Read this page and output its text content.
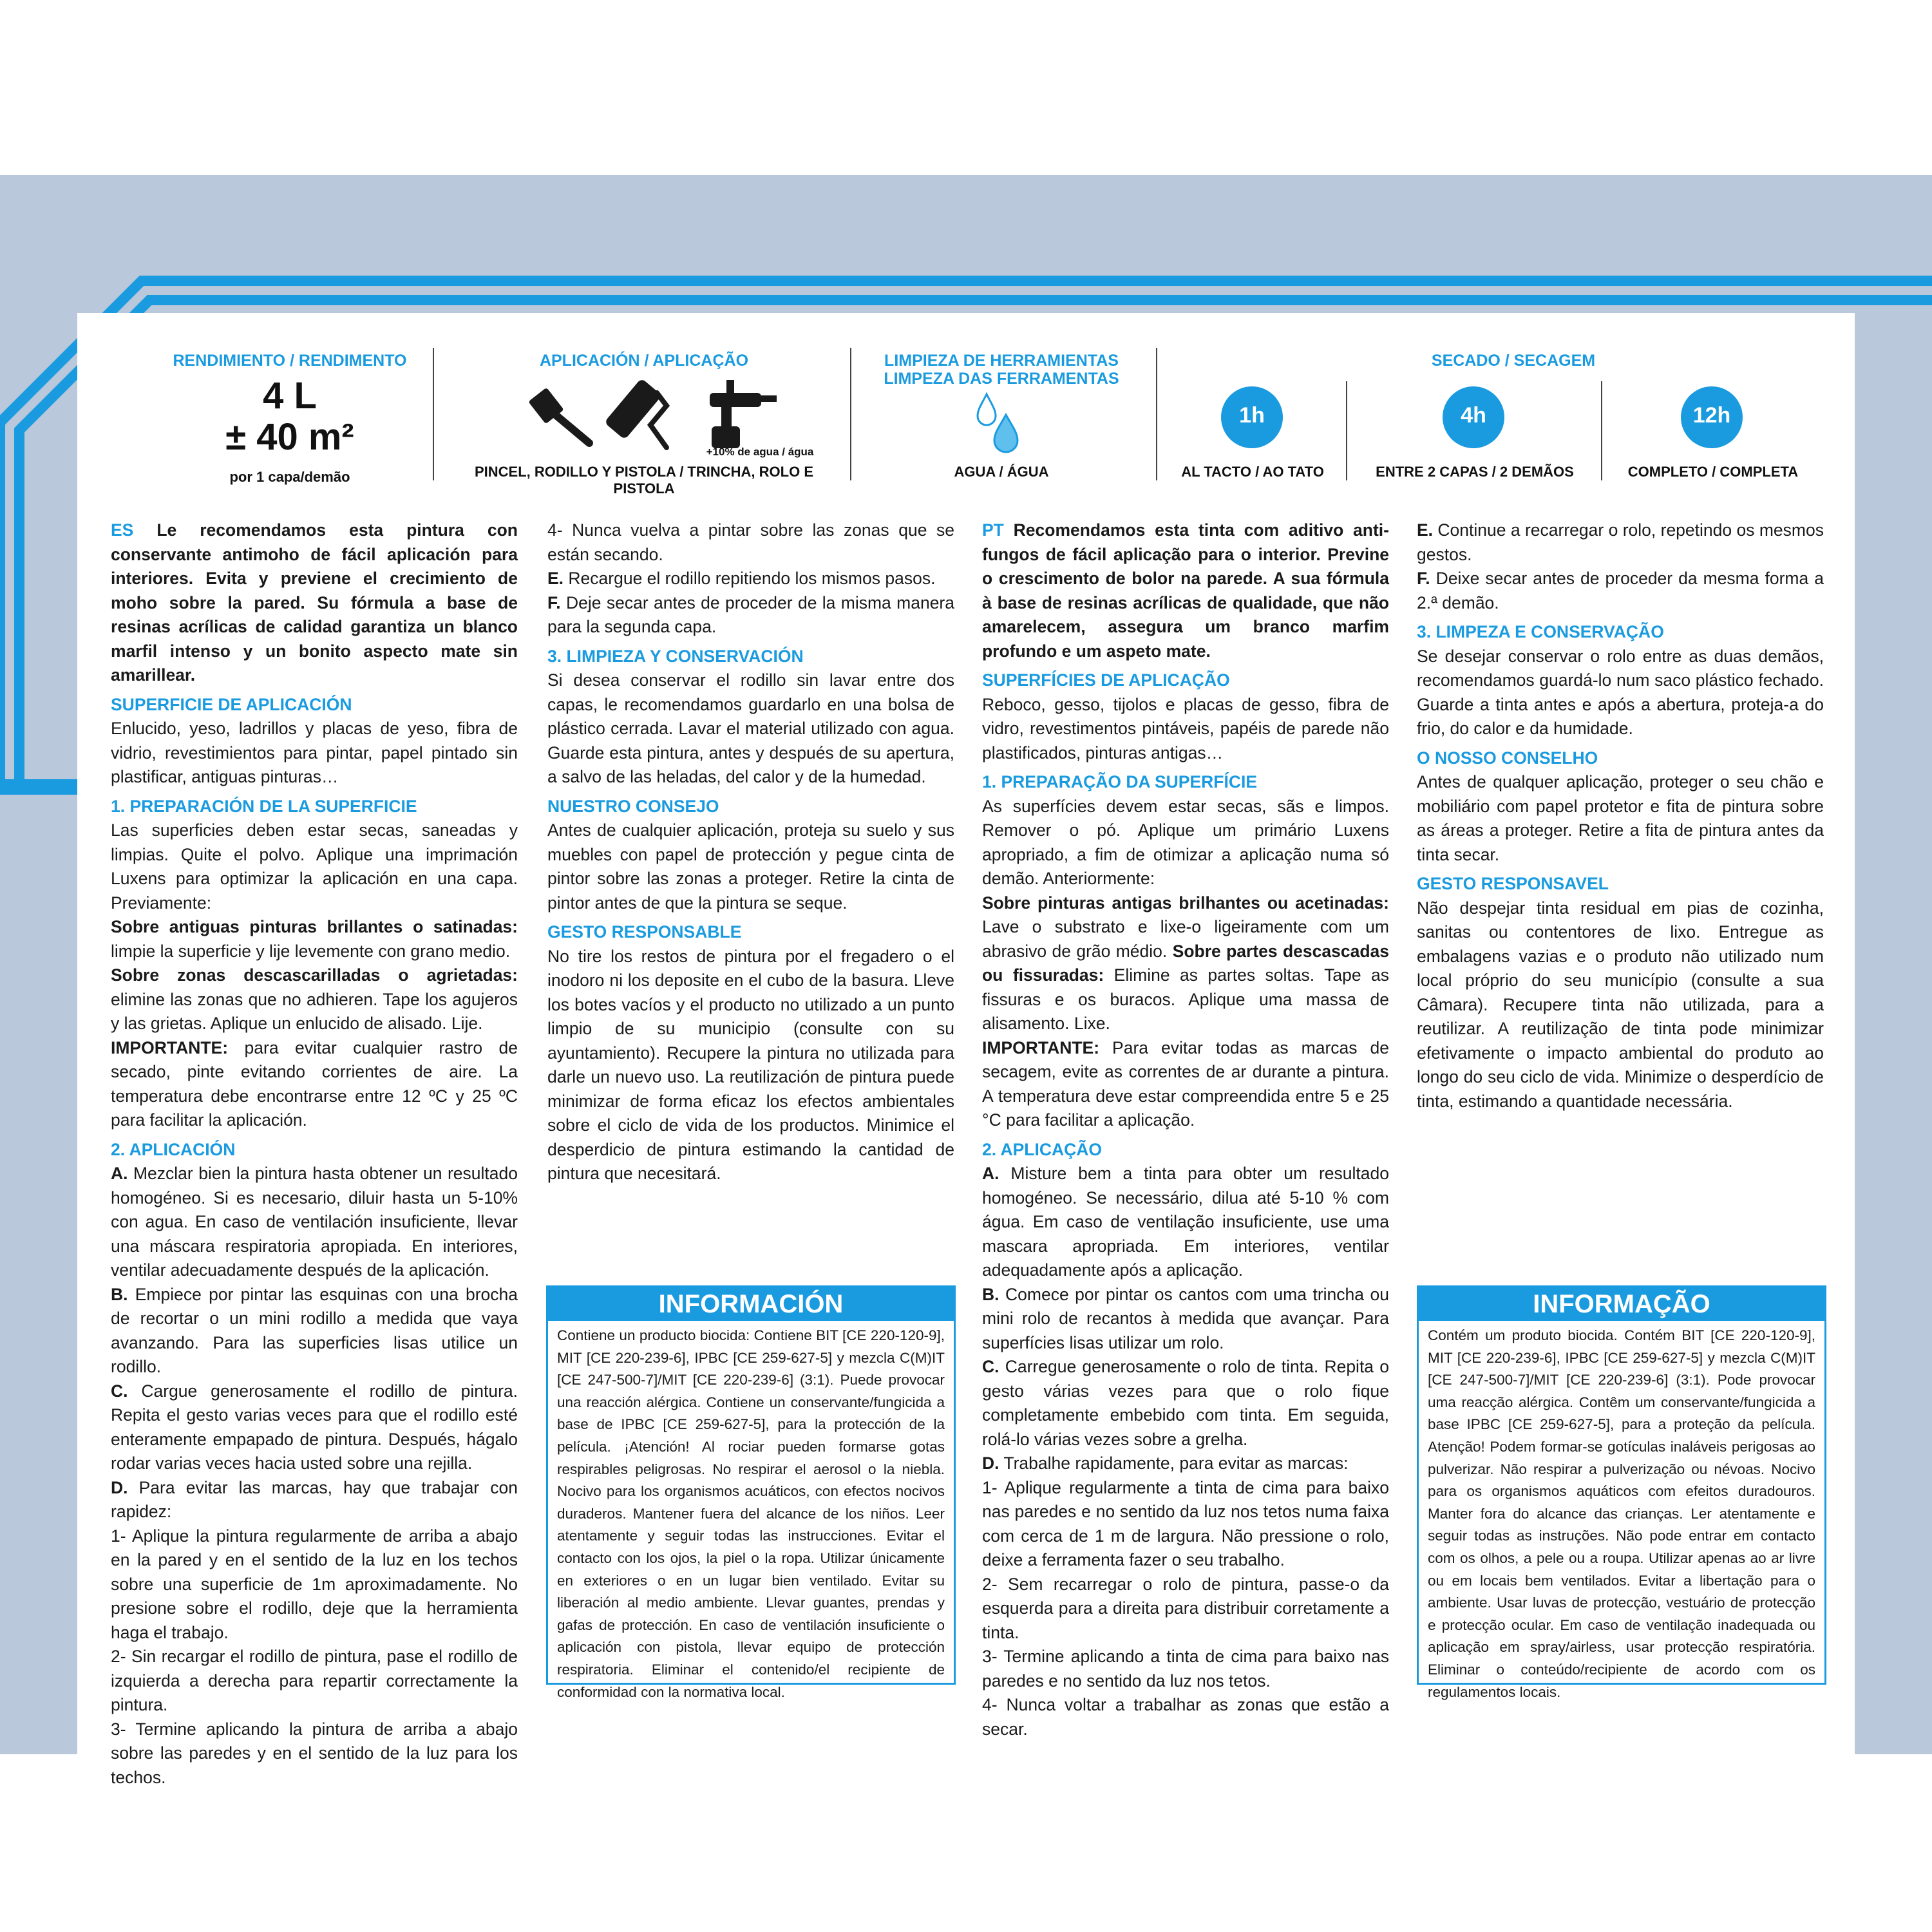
RENDIMIENTO / RENDIMENTO
4 L
± 40 m²
por 1 capa/demão
APLICACIÓN / APLICAÇÃO
+10% de agua / água
PINCEL, RODILLO Y PISTOLA / TRINCHA, ROLO E PISTOLA
LIMPIEZA DE HERRAMIENTAS
LIMPEZA DAS FERRAMENTAS
AGUA / ÁGUA
SECADO / SECAGEM
1h
AL TACTO / AO TATO
4h
ENTRE 2 CAPAS / 2 DEMÃOS
12h
COMPLETO / COMPLETA

ES Le recomendamos esta pintura con conservante antimoho de fácil aplicación para interiores. Evita y previene el crecimiento de moho sobre la pared. Su fórmula a base de resinas acrílicas de calidad garantiza un blanco marfil intenso y un bonito aspecto mate sin amarillear.

SUPERFICIE DE APLICACIÓN

Enlucido, yeso, ladrillos y placas de yeso, fibra de vidrio, revestimientos para pintar, papel pintado sin plastificar, antiguas pinturas…

1. PREPARACIÓN DE LA SUPERFICIE

Las superficies deben estar secas, saneadas y limpias. Quite el polvo. Aplique una imprimación Luxens para optimizar la aplicación en una capa. Previamente:

Sobre antiguas pinturas brillantes o satinadas: limpie la superficie y lije levemente con grano medio.

Sobre zonas descascarilladas o agrietadas: elimine las zonas que no adhieren. Tape los agujeros y las grietas. Aplique un enlucido de alisado. Lije.

IMPORTANTE: para evitar cualquier rastro de secado, pinte evitando corrientes de aire. La temperatura debe encontrarse entre 12 ºC y 25 ºC para facilitar la aplicación.

2. APLICACIÓN

A. Mezclar bien la pintura hasta obtener un resultado homogéneo. Si es necesario, diluir hasta un 5-10% con agua. En caso de ventilación insuficiente, llevar una máscara respiratoria apropiada. En interiores, ventilar adecuadamente después de la aplicación.

B. Empiece por pintar las esquinas con una brocha de recortar o un mini rodillo a medida que vaya avanzando. Para las superficies lisas utilice un rodillo.

C. Cargue generosamente el rodillo de pintura. Repita el gesto varias veces para que el rodillo esté enteramente empapado de pintura. Después, hágalo rodar varias veces hacia usted sobre una rejilla.

D. Para evitar las marcas, hay que trabajar con rapidez:

1- Aplique la pintura regularmente de arriba a abajo en la pared y en el sentido de la luz en los techos sobre una superficie de 1m aproximadamente. No presione sobre el rodillo, deje que la herramienta haga el trabajo.

2- Sin recargar el rodillo de pintura, pase el rodillo de izquierda a derecha para repartir correctamente la pintura.

3- Termine aplicando la pintura de arriba a abajo sobre las paredes y en el sentido de la luz para los techos.

4- Nunca vuelva a pintar sobre las zonas que se están secando.

E. Recargue el rodillo repitiendo los mismos pasos.

F. Deje secar antes de proceder de la misma manera para la segunda capa.

3. LIMPIEZA Y CONSERVACIÓN

Si desea conservar el rodillo sin lavar entre dos capas, le recomendamos guardarlo en una bolsa de plástico cerrada. Lavar el material utilizado con agua. Guarde esta pintura, antes y después de su apertura, a salvo de las heladas, del calor y de la humedad.

NUESTRO CONSEJO

Antes de cualquier aplicación, proteja su suelo y sus muebles con papel de protección y pegue cinta de pintor sobre las zonas a proteger. Retire la cinta de pintor antes de que la pintura se seque.

GESTO RESPONSABLE

No tire los restos de pintura por el fregadero o el inodoro ni los deposite en el cubo de la basura. Lleve los botes vacíos y el producto no utilizado a un punto limpio de su municipio (consulte con su ayuntamiento). Recupere la pintura no utilizada para darle un nuevo uso. La reutilización de pintura puede minimizar de forma eficaz los efectos ambientales sobre el ciclo de vida de los productos. Minimice el desperdicio de pintura estimando la cantidad de pintura que necesitará.

INFORMACIÓN
Contiene un producto biocida: Contiene BIT [CE 220-120-9], MIT [CE 220-239-6], IPBC [CE 259-627-5] y mezcla C(M)IT [CE 247-500-7]/MIT [CE 220-239-6] (3:1). Puede provocar una reacción alérgica. Contiene un conservante/fungicida a base de IPBC [CE 259-627-5], para la protección de la película. ¡Atención! Al rociar pueden formarse gotas respirables peligrosas. No respirar el aerosol o la niebla. Nocivo para los organismos acuáticos, con efectos nocivos duraderos. Mantener fuera del alcance de los niños. Leer atentamente y seguir todas las instrucciones. Evitar el contacto con los ojos, la piel o la ropa. Utilizar únicamente en exteriores o en un lugar bien ventilado. Evitar su liberación al medio ambiente. Llevar guantes, prendas y gafas de protección. En caso de ventilación insuficiente o aplicación con pistola, llevar equipo de protección respiratoria. Eliminar el contenido/el recipiente de conformidad con la normativa local.

PT Recomendamos esta tinta com aditivo anti-fungos de fácil aplicação para o interior. Previne o crescimento de bolor na parede. A sua fórmula à base de resinas acrílicas de qualidade, que não amarelecem, assegura um branco marfim profundo e um aspeto mate.

SUPERFÍCIES DE APLICAÇÃO

Reboco, gesso, tijolos e placas de gesso, fibra de vidro, revestimentos pintáveis, papéis de parede não plastificados, pinturas antigas…

1. PREPARAÇÃO DA SUPERFÍCIE

As superfícies devem estar secas, sãs e limpos. Remover o pó. Aplique um primário Luxens apropriado, a fim de otimizar a aplicação numa só demão. Anteriormente:

Sobre pinturas antigas brilhantes ou acetinadas: Lave o substrato e lixe-o ligeiramente com um abrasivo de grão médio. Sobre partes descascadas ou fissuradas: Elimine as partes soltas. Tape as fissuras e os buracos. Aplique uma massa de alisamento. Lixe.

IMPORTANTE: Para evitar todas as marcas de secagem, evite as correntes de ar durante a pintura. A temperatura deve estar compreendida entre 5 e 25 °C para facilitar a aplicação.

2. APLICAÇÃO

A. Misture bem a tinta para obter um resultado homogéneo. Se necessário, dilua até 5-10 % com água. Em caso de ventilação insuficiente, use uma mascara apropriada. Em interiores, ventilar adequadamente após a aplicação.

B. Comece por pintar os cantos com uma trincha ou mini rolo de recantos à medida que avançar. Para superfícies lisas utilizar um rolo.

C. Carregue generosamente o rolo de tinta. Repita o gesto várias vezes para que o rolo fique completamente embebido com tinta. Em seguida, rolá-lo várias vezes sobre a grelha.

D. Trabalhe rapidamente, para evitar as marcas:

1- Aplique regularmente a tinta de cima para baixo nas paredes e no sentido da luz nos tetos numa faixa com cerca de 1 m de largura. Não pressione o rolo, deixe a ferramenta fazer o seu trabalho.

2- Sem recarregar o rolo de pintura, passe-o da esquerda para a direita para distribuir corretamente a tinta.

3- Termine aplicando a tinta de cima para baixo nas paredes e no sentido da luz nos tetos.

4- Nunca voltar a trabalhar as zonas que estão a secar.

E. Continue a recarregar o rolo, repetindo os mesmos gestos.

F. Deixe secar antes de proceder da mesma forma a 2.ª demão.

3. LIMPEZA E CONSERVAÇÃO

Se desejar conservar o rolo entre as duas demãos, recomendamos guardá-lo num saco plástico fechado. Guarde a tinta antes e após a abertura, proteja-a do frio, do calor e da humidade.

O NOSSO CONSELHO

Antes de qualquer aplicação, proteger o seu chão e mobiliário com papel protetor e fita de pintura sobre as áreas a proteger. Retire a fita de pintura antes da tinta secar.

GESTO RESPONSAVEL

Não despejar tinta residual em pias de cozinha, sanitas ou contentores de lixo. Entregue as embalagens vazias e o produto não utilizado num local próprio do seu município (consulte a sua Câmara). Recupere tinta não utilizada, para a reutilizar. A reutilização de tinta pode minimizar efetivamente o impacto ambiental do produto ao longo do seu ciclo de vida. Minimize o desperdício de tinta, estimando a quantidade necessária.

INFORMAÇÃO
Contém um produto biocida. Contém BIT [CE 220-120-9], MIT [CE 220-239-6], IPBC [CE 259-627-5] y mezcla C(M)IT [CE 247-500-7]/MIT [CE 220-239-6] (3:1). Pode provocar uma reacção alérgica. Contêm um conservante/fungicida a base IPBC [CE 259-627-5], para a proteção da película. Atenção! Podem formar-se gotículas inaláveis perigosas ao pulverizar. Não respirar a pulverização ou névoas. Nocivo para os organismos aquáticos com efeitos duradouros. Manter fora do alcance das crianças. Ler atentamente e seguir todas as instruções. Não pode entrar em contacto com os olhos, a pele ou a roupa. Utilizar apenas ao ar livre ou em locais bem ventilados. Evitar a libertação para o ambiente. Usar luvas de protecção, vestuário de protecção e protecção ocular. Em caso de ventilação inadequada ou aplicação em spray/airless, usar protecção respiratória. Eliminar o conteúdo/recipiente de acordo com os regulamentos locais.
